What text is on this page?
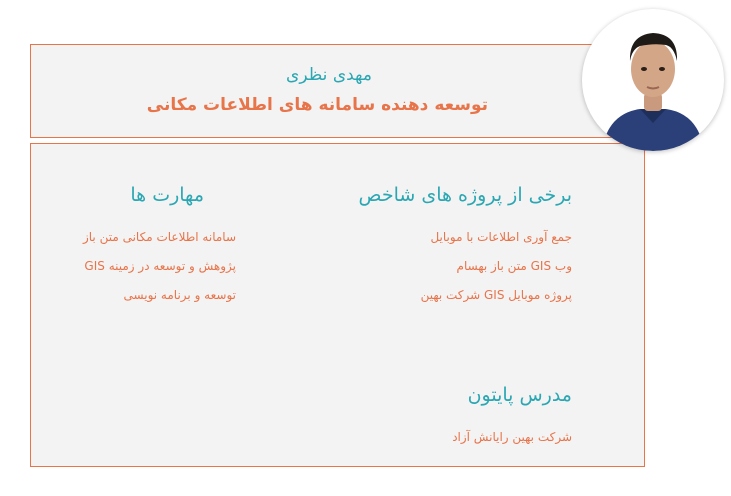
مهدی نظری
توسعه دهنده سامانه های اطلاعات مکانی
برخی از پروژه های شاخص
جمع آوری اطلاعات با موبایل
وب GIS متن باز بهسام
پروژه موبایل GIS شرکت بهین
مهارت ها
سامانه اطلاعات مکانی متن باز
پژوهش و توسعه در زمینه GIS
توسعه و برنامه نویسی
مدرس پایتون
شرکت بهین رایانش آزاد
